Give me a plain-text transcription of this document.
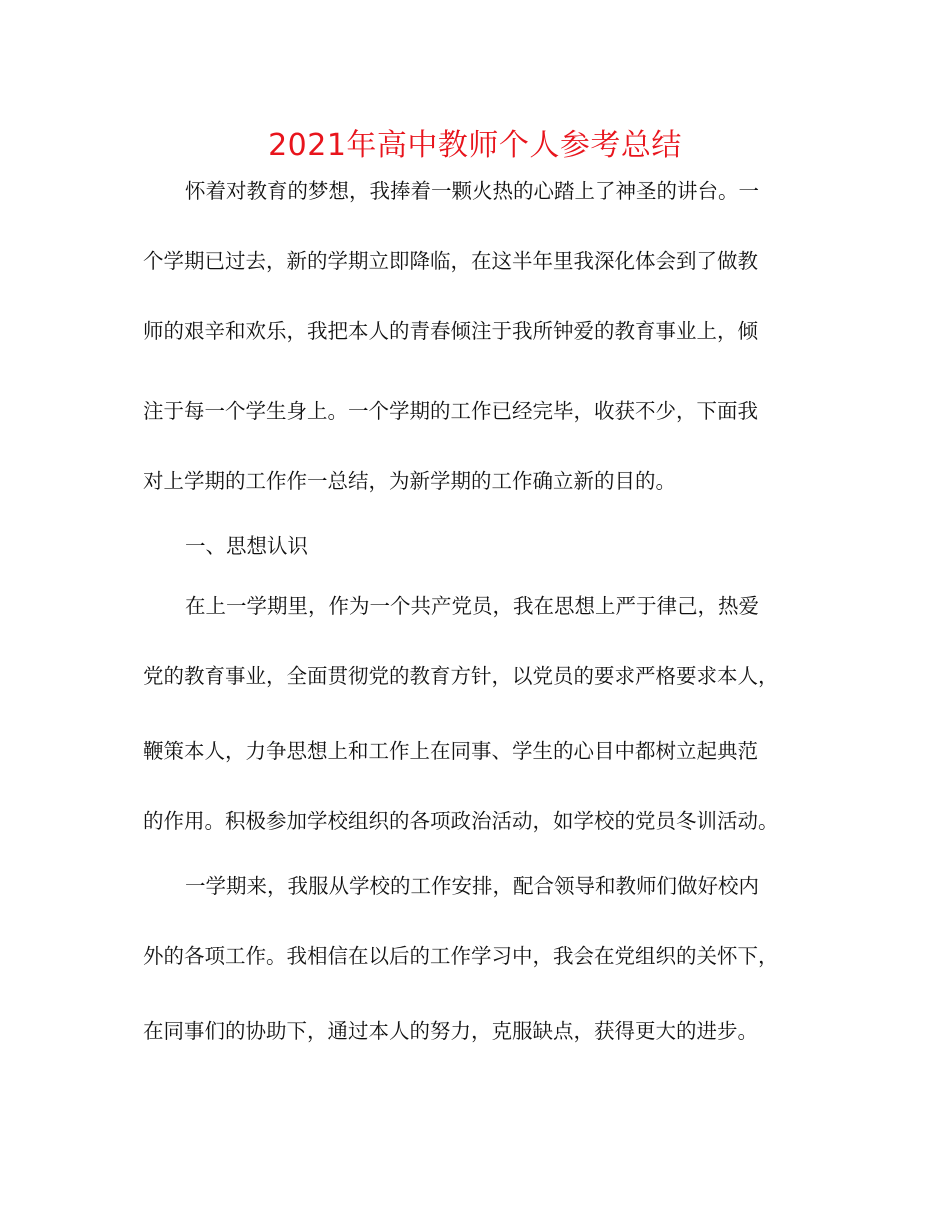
2021年高中教师个人参考总结

怀着对教育的梦想，我捧着一颗火热的心踏上了神圣的讲台。一

个学期已过去，新的学期立即降临，在这半年里我深化体会到了做教

师的艰辛和欢乐，我把本人的青春倾注于我所钟爱的教育事业上，倾

注于每一个学生身上。一个学期的工作已经完毕，收获不少，下面我

对上学期的工作作一总结，为新学期的工作确立新的目的。

一、思想认识

在上一学期里，作为一个共产党员，我在思想上严于律己，热爱

党的教育事业，全面贯彻党的教育方针，以党员的要求严格要求本人，

鞭策本人，力争思想上和工作上在同事、学生的心目中都树立起典范

的作用。积极参加学校组织的各项政治活动，如学校的党员冬训活动。

一学期来，我服从学校的工作安排，配合领导和教师们做好校内

外的各项工作。我相信在以后的工作学习中，我会在党组织的关怀下，

在同事们的协助下，通过本人的努力，克服缺点，获得更大的进步。
